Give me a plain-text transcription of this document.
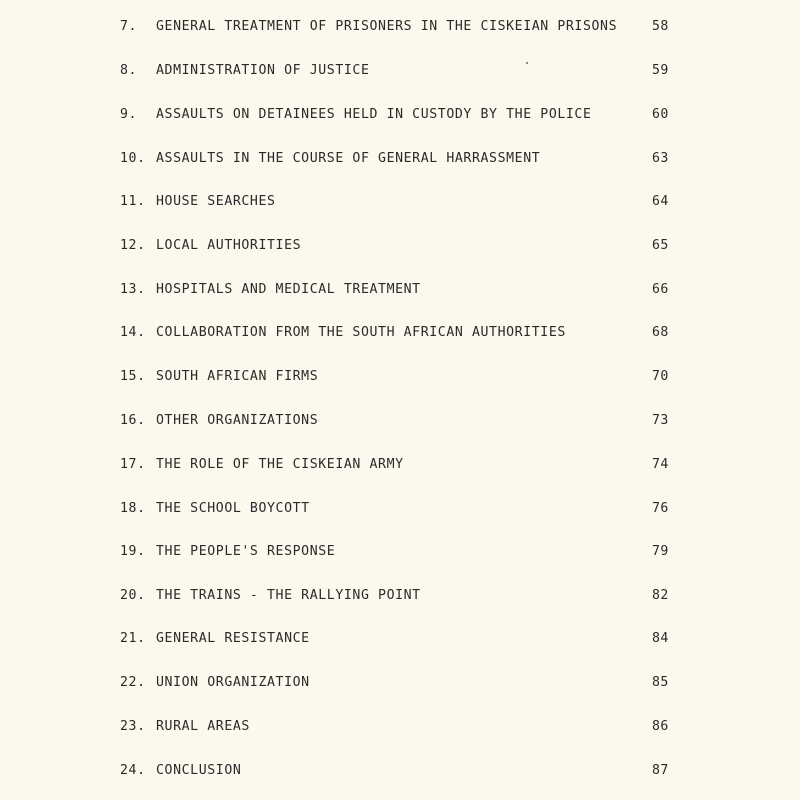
7. GENERAL TREATMENT OF PRISONERS IN THE CISKEIAN PRISONS	58
8. ADMINISTRATION OF JUSTICE	59
9. ASSAULTS ON DETAINEES HELD IN CUSTODY BY THE POLICE	60
10. ASSAULTS IN THE COURSE OF GENERAL HARRASSMENT	63
11. HOUSE SEARCHES	64
12. LOCAL AUTHORITIES	65
13. HOSPITALS AND MEDICAL TREATMENT	66
14. COLLABORATION FROM THE SOUTH AFRICAN AUTHORITIES	68
15. SOUTH AFRICAN FIRMS	70
16. OTHER ORGANIZATIONS	73
17. THE ROLE OF THE CISKEIAN ARMY	74
18. THE SCHOOL BOYCOTT	76
19. THE PEOPLE'S RESPONSE	79
20. THE TRAINS - THE RALLYING POINT	82
21. GENERAL RESISTANCE	84
22. UNION ORGANIZATION	85
23. RURAL AREAS	86
24. CONCLUSION	87
